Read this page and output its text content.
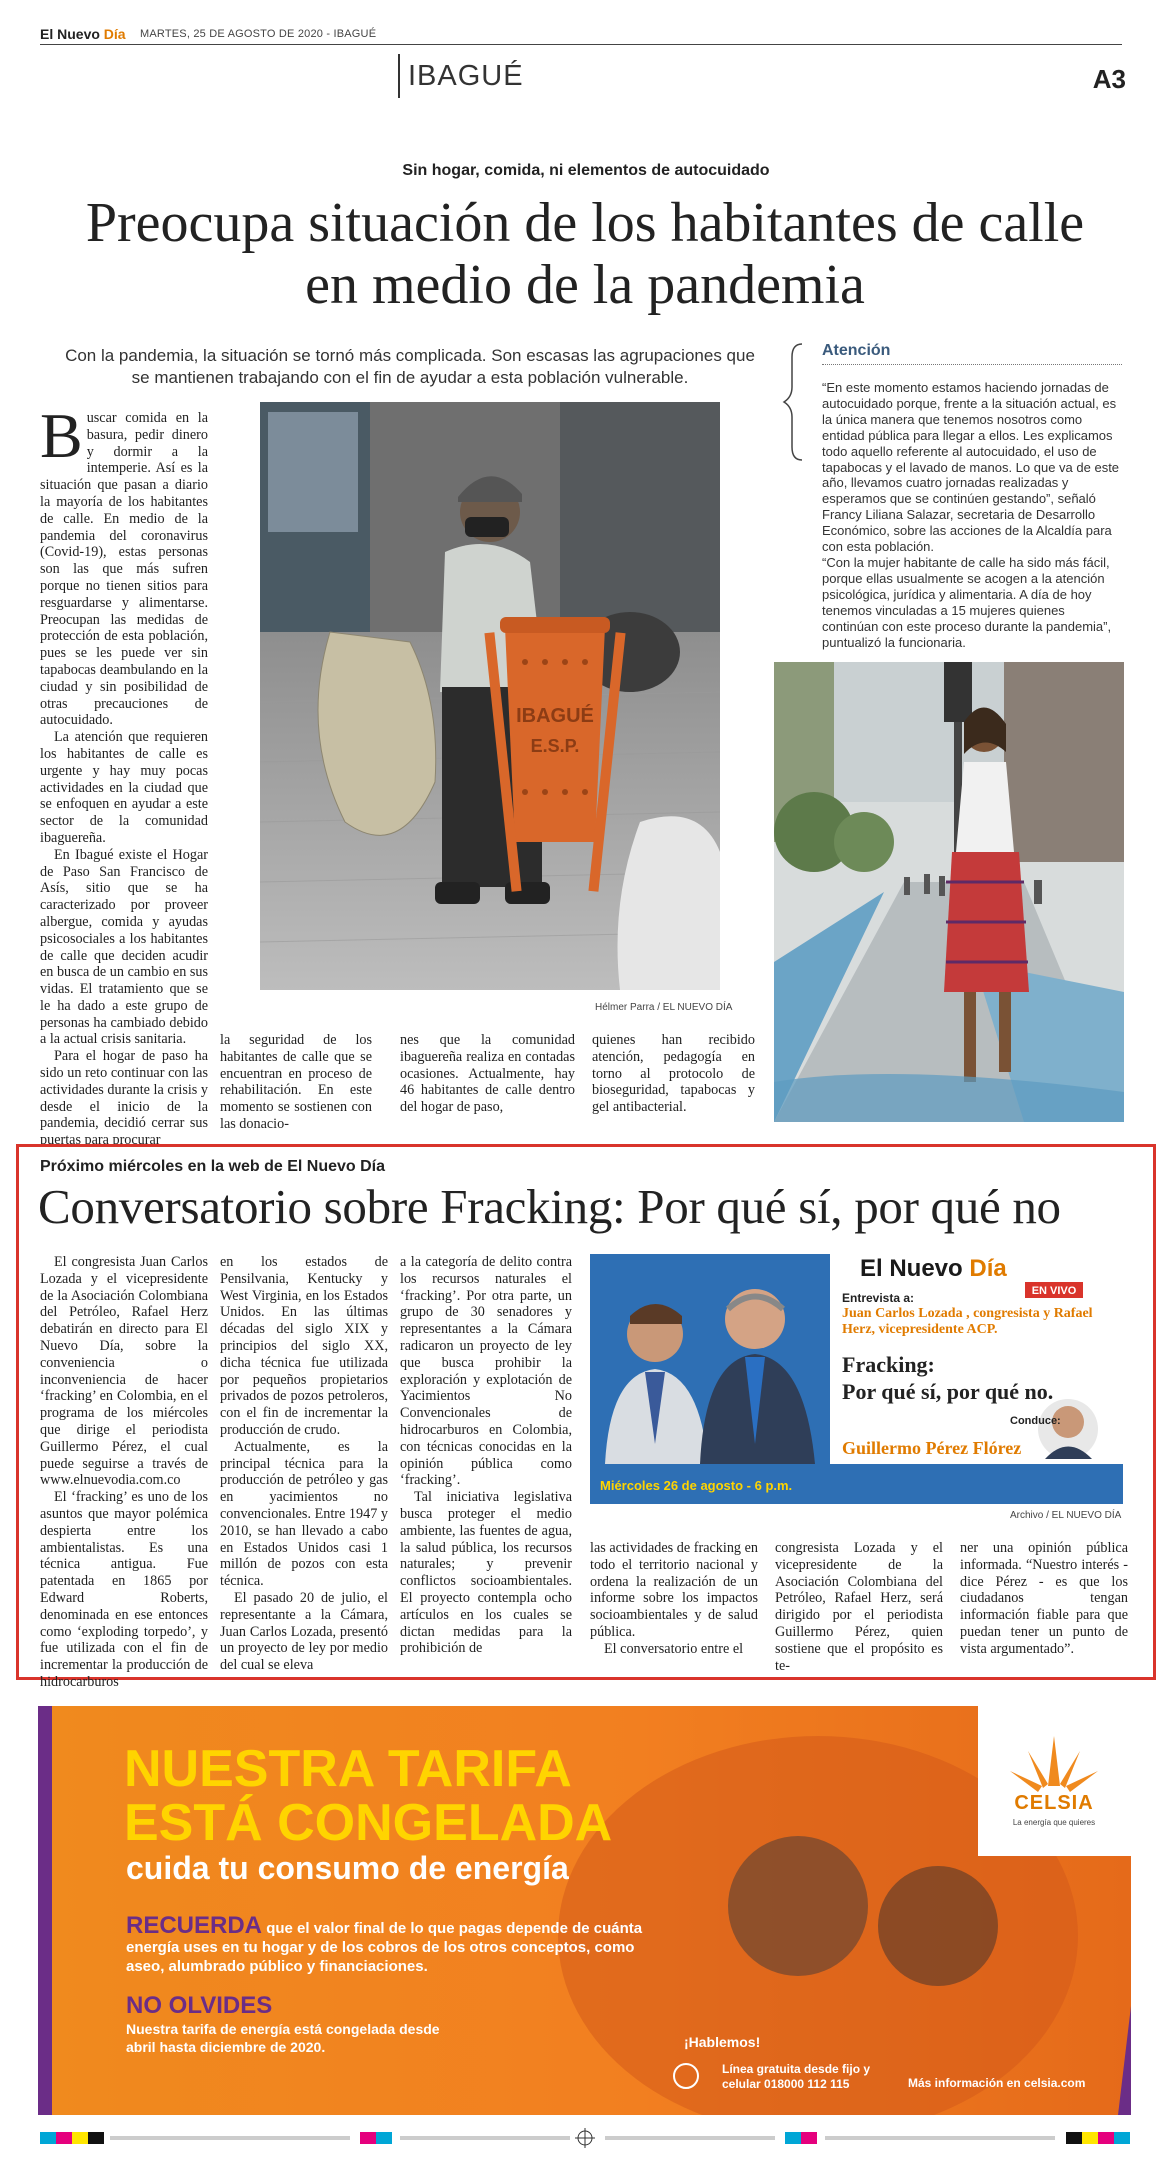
El Nuevo Día MARTES, 25 DE AGOSTO DE 2020 - IBAGUÉ
IBAGUÉ	A3
Sin hogar, comida, ni elementos de autocuidado
Preocupa situación de los habitantes de calle en medio de la pandemia
Con la pandemia, la situación se tornó más complicada. Son escasas las agrupaciones que se mantienen trabajando con el fin de ayudar a esta población vulnerable.

Buscar comida en la basura, pedir dinero y dormir a la intemperie. Así es la situación que pasan a diario la mayoría de los habitantes de calle. En medio de la pandemia del coronavirus (Covid-19), estas personas son las que más sufren porque no tienen sitios para resguardarse y alimentarse. Preocupan las medidas de protección de esta población, pues se les puede ver sin tapabocas deambulando en la ciudad y sin posibilidad de otras precauciones de autocuidado.

La atención que requieren los habitantes de calle es urgente y hay muy pocas actividades en la ciudad que se enfoquen en ayudar a este sector de la comunidad ibaguereña.

En Ibagué existe el Hogar de Paso San Francisco de Asís, sitio que se ha caracterizado por proveer albergue, comida y ayudas psicosociales a los habitantes de calle que deciden acudir en busca de un cambio en sus vidas. El tratamiento que se le ha dado a este grupo de personas ha cambiado debido a la actual crisis sanitaria.

Para el hogar de paso ha sido un reto continuar con las actividades durante la crisis y desde el inicio de la pandemia, decidió cerrar sus puertas para procurar

IBAGUÉ
E.S.P.
Hélmer Parra / EL NUEVO DÍA

la seguridad de los habitantes de calle que se encuentran en proceso de rehabilitación. En este momento se sostienen con las donacio-

nes que la comunidad ibaguereña realiza en contadas ocasiones. Actualmente, hay 46 habitantes de calle dentro del hogar de paso,

quienes han recibido atención, pedagogía en torno al protocolo de bioseguridad, tapabocas y gel antibacterial.

Atención

“En este momento estamos haciendo jornadas de autocuidado porque, frente a la situación actual, es la única manera que tenemos nosotros como entidad pública para llegar a ellos. Les explicamos todo aquello referente al autocuidado, el uso de tapabocas y el lavado de manos. Lo que va de este año, llevamos cuatro jornadas realizadas y esperamos que se continúen gestando”, señaló Francy Liliana Salazar, secretaria de Desarrollo Económico, sobre las acciones de la Alcaldía para con esta población.

“Con la mujer habitante de calle ha sido más fácil, porque ellas usualmente se acogen a la atención psicológica, jurídica y alimentaria. A día de hoy tenemos vinculadas a 15 mujeres quienes continúan con este proceso durante la pandemia”, puntualizó la funcionaria.

Próximo miércoles en la web de El Nuevo Día
Conversatorio sobre Fracking: Por qué sí, por qué no

El congresista Juan Carlos Lozada y el vicepresidente de la Asociación Colombiana del Petróleo, Rafael Herz debatirán en directo para El Nuevo Día, sobre la conveniencia o inconveniencia de hacer ‘fracking’ en Colombia, en el programa de los miércoles que dirige el periodista Guillermo Pérez, el cual puede seguirse a través de www.elnuevodia.com.co

El ‘fracking’ es uno de los asuntos que mayor polémica despierta entre los ambientalistas. Es una técnica antigua. Fue patentada en 1865 por Edward Roberts, denominada en ese entonces como ‘exploding torpedo’, y fue utilizada con el fin de incrementar la producción de hidrocarburos

en los estados de Pensilvania, Kentucky y West Virginia, en los Estados Unidos. En las últimas décadas del siglo XIX y principios del siglo XX, dicha técnica fue utilizada por pequeños propietarios privados de pozos petroleros, con el fin de incrementar la producción de crudo.

Actualmente, es la principal técnica para la producción de petróleo y gas en yacimientos no convencionales. Entre 1947 y 2010, se han llevado a cabo en Estados Unidos casi 1 millón de pozos con esta técnica.

El pasado 20 de julio, el representante a la Cámara, Juan Carlos Lozada, presentó un proyecto de ley por medio del cual se eleva

a la categoría de delito contra los recursos naturales el ‘fracking’. Por otra parte, un grupo de 30 senadores y representantes a la Cámara radicaron un proyecto de ley que busca prohibir la exploración y explotación de Yacimientos No Convencionales de hidrocarburos en Colombia, con técnicas conocidas en la opinión pública como ‘fracking’.

Tal iniciativa legislativa busca proteger el medio ambiente, las fuentes de agua, la salud pública, los recursos naturales; y prevenir conflictos socioambientales. El proyecto contempla ocho artículos en los cuales se dictan medidas para la prohibición de

El Nuevo Día
EN VIVO
Entrevista a:
Juan Carlos Lozada , congresista y Rafael Herz, vicepresidente ACP.
Fracking:
Por qué sí, por qué no.
Conduce:
Guillermo Pérez Flórez
Miércoles 26 de agosto - 6 p.m.
Archivo / EL NUEVO DÍA

las actividades de fracking en todo el territorio nacional y ordena la realización de un informe sobre los impactos socioambientales y de salud pública.

El conversatorio entre el

congresista Lozada y el vicepresidente de la Asociación Colombiana del Petróleo, Rafael Herz, será dirigido por el periodista Guillermo Pérez, quien sostiene que el propósito es te-

ner una opinión pública informada. “Nuestro interés - dice Pérez - es que los ciudadanos tengan información fiable para que puedan tener un punto de vista argumentado”.

NUESTRA TARIFA
ESTÁ CONGELADA
cuida tu consumo de energía
RECUERDA que el valor final de lo que pagas depende de cuánta energía uses en tu hogar y de los cobros de los otros conceptos, como aseo, alumbrado público y financiaciones.
NO OLVIDES
Nuestra tarifa de energía está congelada desde abril hasta diciembre de 2020.	¡Hablemos!
Línea gratuita desde fijo y celular 018000 112 115	Más información en celsia.com
CELSIA
La energía que quieres
